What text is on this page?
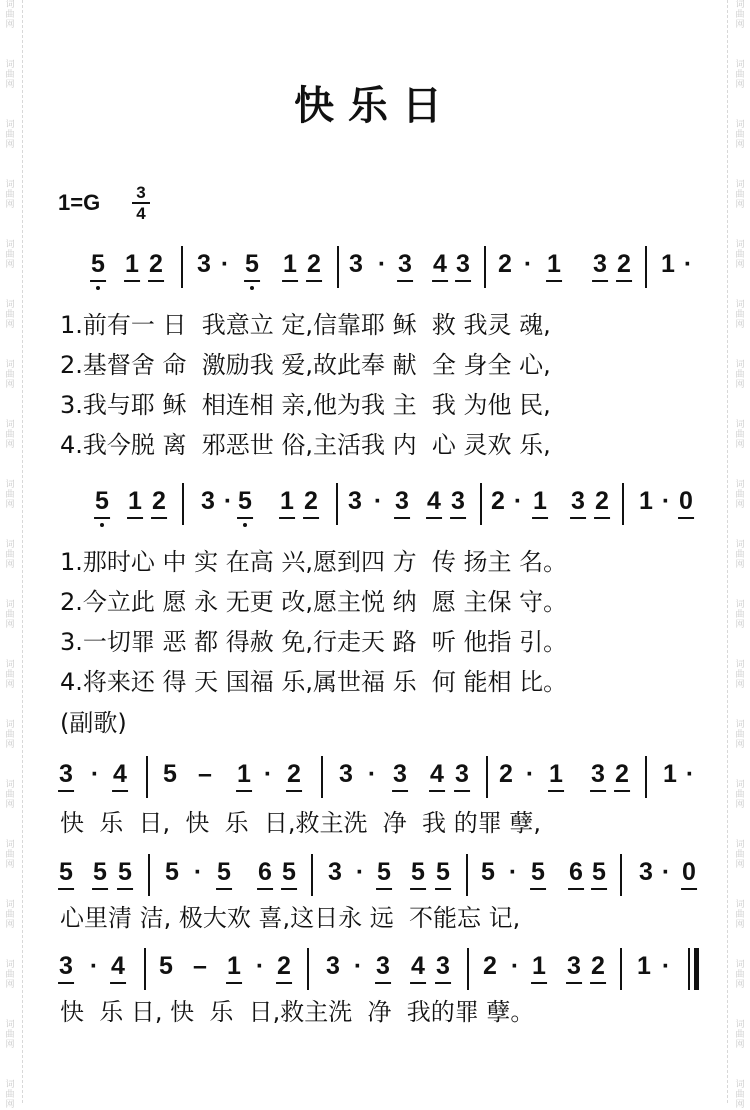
词曲网
词曲网
词曲网
词曲网
词曲网
词曲网
词曲网
词曲网
词曲网
词曲网
词曲网
词曲网
词曲网
词曲网
词曲网
词曲网
词曲网
词曲网
词曲网
词曲网
词曲网
词曲网
词曲网
词曲网
词曲网
词曲网
词曲网
词曲网
词曲网
词曲网
词曲网
词曲网
词曲网
词曲网
词曲网
词曲网
词曲网
词曲网
快乐日
1=G 3
4
5 1 2 3 · 5 1 2 3 · 3 4 3 2 · 1 3 2 1 ·
5 1 2 3 · 5 1 2 3 · 3 4 3 2 · 1 3 2 1 · 0
3 · 4 5 – 1 · 2 3 · 3 4 3 2 · 1 3 2 1 ·
5 5 5 5 · 5 6 5 3 · 5 5 5 5 · 5 6 5 3 · 0
3 · 4 5 – 1 · 2 3 · 3 4 3 2 · 1 3 2 1 ·
1.前有一 日  我意立 定,信靠耶 稣  救 我灵 魂,
2.基督舍 命  激励我 爱,故此奉 献  全 身全 心,
3.我与耶 稣  相连相 亲,他为我 主  我 为他 民,
4.我今脱 离  邪恶世 俗,主活我 内  心 灵欢 乐,
1.那时心 中 实 在高 兴,愿到四 方  传 扬主 名。
2.今立此 愿 永 无更 改,愿主悦 纳  愿 主保 守。
3.一切罪 恶 都 得赦 免,行走天 路  听 他指 引。
4.将来还 得 天 国福 乐,属世福 乐  何 能相 比。
(副歌)
快  乐  日,  快  乐  日,救主洗  净  我 的罪 孽,
心里清 洁, 极大欢 喜,这日永 远  不能忘 记,
快  乐 日, 快  乐  日,救主洗  净  我的罪 孽。
